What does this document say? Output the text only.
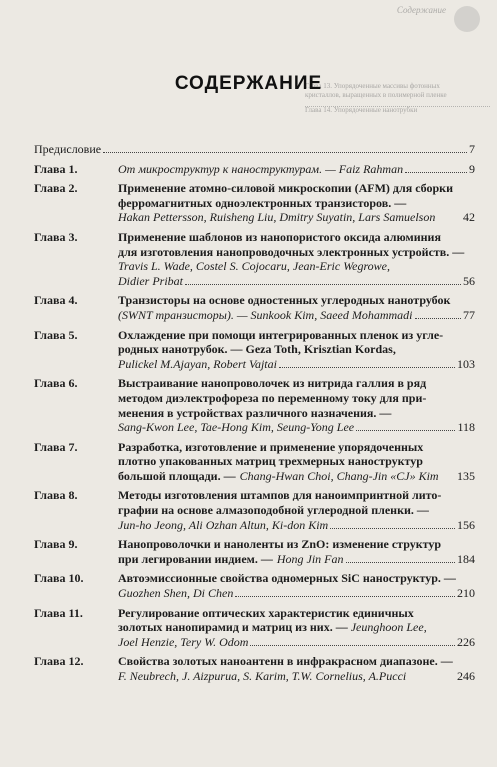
Содержание
Глава 13. Упорядоченные массивы фотонных
кристаллов, выращенных в полимерной пленке
Глава 14. Упорядоченные нанотрубки
СОДЕРЖАНИЕ
Предисловие	7
Глава 1.	От микроструктур к наноструктурам. — Faiz Rahman	9
Глава 2.	Применение атомно-силовой микроскопии (AFM) для сборки
ферромагнитных одноэлектронных транзисторов. —
Hakan Pettersson, Ruisheng Liu, Dmitry Suyatin, Lars Samuelson	42
Глава 3.	Применение шаблонов из нанопористого оксида алюминия
для изготовления нанопроводочных электронных устройств. —
Travis L. Wade, Costel S. Cojocaru, Jean-Eric Wegrowe,
Didier Pribat	56
Глава 4.	Транзисторы на основе одностенных углеродных нанотрубок
(SWNT транзисторы). — Sunkook Kim, Saeed Mohammadi	77
Глава 5.	Охлаждение при помощи интегрированных пленок из угле-
родных нанотрубок. — Geza Toth, Krisztian Kordas,
Pulickel M.Ajayan, Robert Vajtai	103
Глава 6.	Выстраивание нанопроволочек из нитрида галлия в ряд
методом диэлектрофореза по переменному току для при-
менения в устройствах различного назначения. —
Sang-Kwon Lee, Tae-Hong Kim, Seung-Yong Lee	118
Глава 7.	Разработка, изготовление и применение упорядоченных
плотно упакованных матриц трехмерных наноструктур
большой площади. — Chang-Hwan Choi, Chang-Jin «CJ» Kim 135
Глава 8.	Методы изготовления штампов для наноимпринтной лито-
графии на основе алмазоподобной углеродной пленки. —
Jun-ho Jeong, Ali Ozhan Altun, Ki-don Kim	156
Глава 9.	Нанопроволочки и наноленты из ZnO: изменение структур
при легировании индием. — Hong Jin Fan	184
Глава 10.	Автоэмиссионные свойства одномерных SiC наноструктур. —
Guozhen Shen, Di Chen	210
Глава 11.	Регулирование оптических характеристик единичных
золотых нанопирамид и матриц из них. — Jeunghoon Lee,
Joel Henzie, Tery W. Odom	226
Глава 12.	Свойства золотых наноантенн в инфракрасном диапазоне. —
F. Neubrech, J. Aizpurua, S. Karim, T.W. Cornelius, A.Pucci	246
